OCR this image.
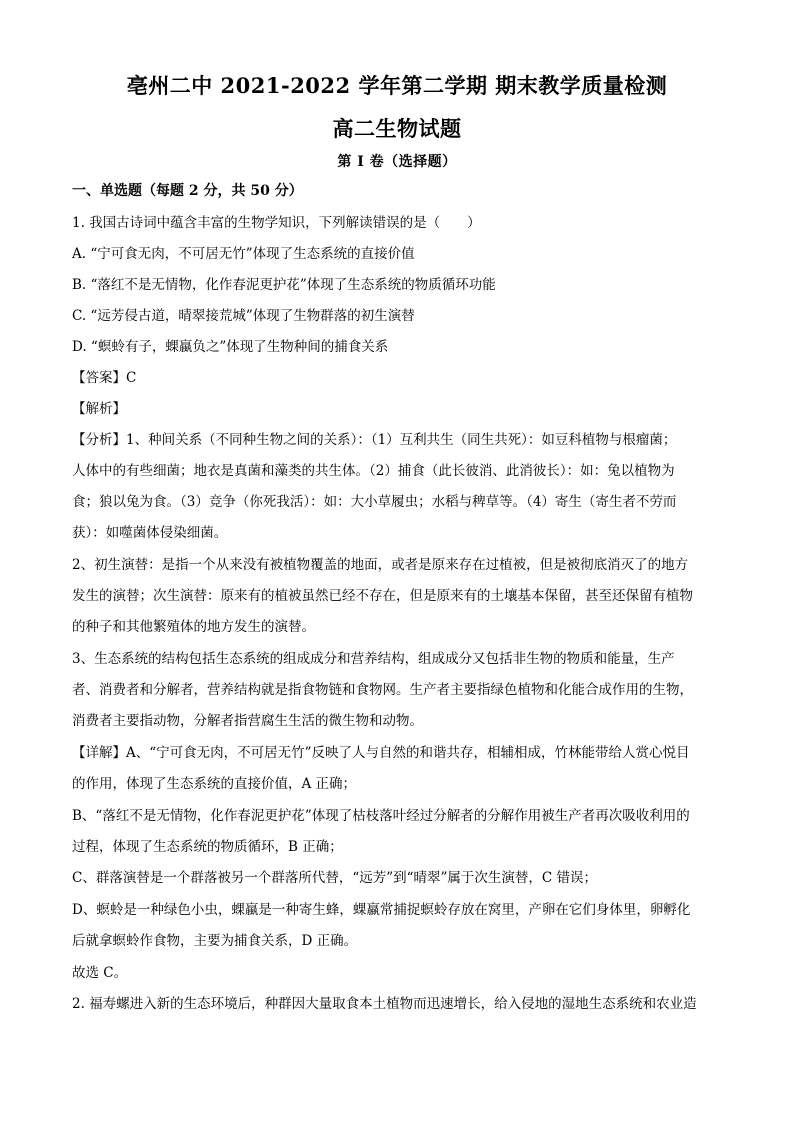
亳州二中 2021-2022 学年第二学期 期末教学质量检测
高二生物试题
第 I 卷（选择题）
一、单选题（每题 2 分，共 50 分）
1. 我国古诗词中蕴含丰富的生物学知识，下列解读错误的是（　　）
A. “宁可食无肉，不可居无竹”体现了生态系统的直接价值
B. “落红不是无情物，化作春泥更护花”体现了生态系统的物质循环功能
C. “远芳侵古道，晴翠接荒城”体现了生物群落的初生演替
D. “螟蛉有子，蜾蠃负之”体现了生物种间的捕食关系
【答案】C
【解析】
【分析】1、种间关系（不同种生物之间的关系）：（1）互利共生（同生共死）：如豆科植物与根瘤菌；
人体中的有些细菌；地衣是真菌和藻类的共生体。（2）捕食（此长彼消、此消彼长）：如：兔以植物为
食；狼以兔为食。（3）竞争（你死我活）：如：大小草履虫；水稻与稗草等。（4）寄生（寄生者不劳而
获）：如噬菌体侵染细菌。
2、初生演替：是指一个从来没有被植物覆盖的地面，或者是原来存在过植被，但是被彻底消灭了的地方
发生的演替；次生演替：原来有的植被虽然已经不存在，但是原来有的土壤基本保留，甚至还保留有植物
的种子和其他繁殖体的地方发生的演替。
3、生态系统的结构包括生态系统的组成成分和营养结构，组成成分又包括非生物的物质和能量，生产
者、消费者和分解者，营养结构就是指食物链和食物网。生产者主要指绿色植物和化能合成作用的生物，
消费者主要指动物，分解者指营腐生生活的微生物和动物。
【详解】A、“宁可食无肉，不可居无竹”反映了人与自然的和谐共存，相辅相成，竹林能带给人赏心悦目
的作用，体现了生态系统的直接价值，A 正确；
B、“落红不是无情物，化作春泥更护花”体现了枯枝落叶经过分解者的分解作用被生产者再次吸收利用的
过程，体现了生态系统的物质循环，B 正确；
C、群落演替是一个群落被另一个群落所代替，“远芳”到“晴翠”属于次生演替，C 错误；
D、螟蛉是一种绿色小虫，蜾蠃是一种寄生蜂，蜾蠃常捕捉螟蛉存放在窝里，产卵在它们身体里，卵孵化
后就拿螟蛉作食物，主要为捕食关系，D 正确。
故选 C。
2. 福寿螺进入新的生态环境后，种群因大量取食本土植物而迅速增长，给入侵地的湿地生态系统和农业造
